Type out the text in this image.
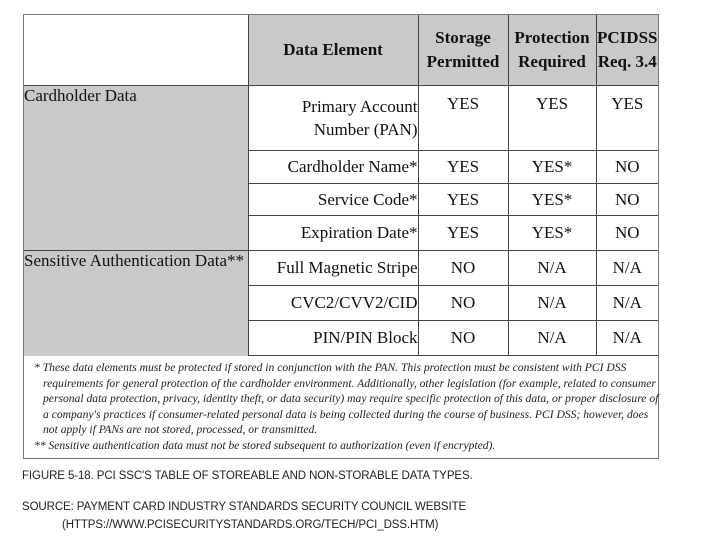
	Data Element	Storage Permitted	Protection Required	PCIDSS Req. 3.4
Cardholder Data	Primary Account Number (PAN)	YES	YES	YES
	Cardholder Name*	YES	YES*	NO
	Service Code*	YES	YES*	NO
	Expiration Date*	YES	YES*	NO
Sensitive Authentication Data**	Full Magnetic Stripe	NO	N/A	N/A
	CVC2/CVV2/CID	NO	N/A	N/A
	PIN/PIN Block	NO	N/A	N/A

* These data elements must be protected if stored in conjunction with the PAN. This protection must be consistent with PCI DSS requirements for general protection of the cardholder environment. Additionally, other legislation (for example, related to consumer personal data protection, privacy, identity theft, or data security) may require specific protection of this data, or proper disclosure of a company's practices if consumer-related personal data is being collected during the course of business. PCI DSS; however, does not apply if PANs are not stored, processed, or transmitted.

** Sensitive authentication data must not be stored subsequent to authorization (even if encrypted).

FIGURE 5-18. PCI SSC'S TABLE OF STOREABLE AND NON-STORABLE DATA TYPES.
SOURCE: PAYMENT CARD INDUSTRY STANDARDS SECURITY COUNCIL WEBSITE
(HTTPS://WWW.PCISECURITYSTANDARDS.ORG/TECH/PCI_DSS.HTM)
